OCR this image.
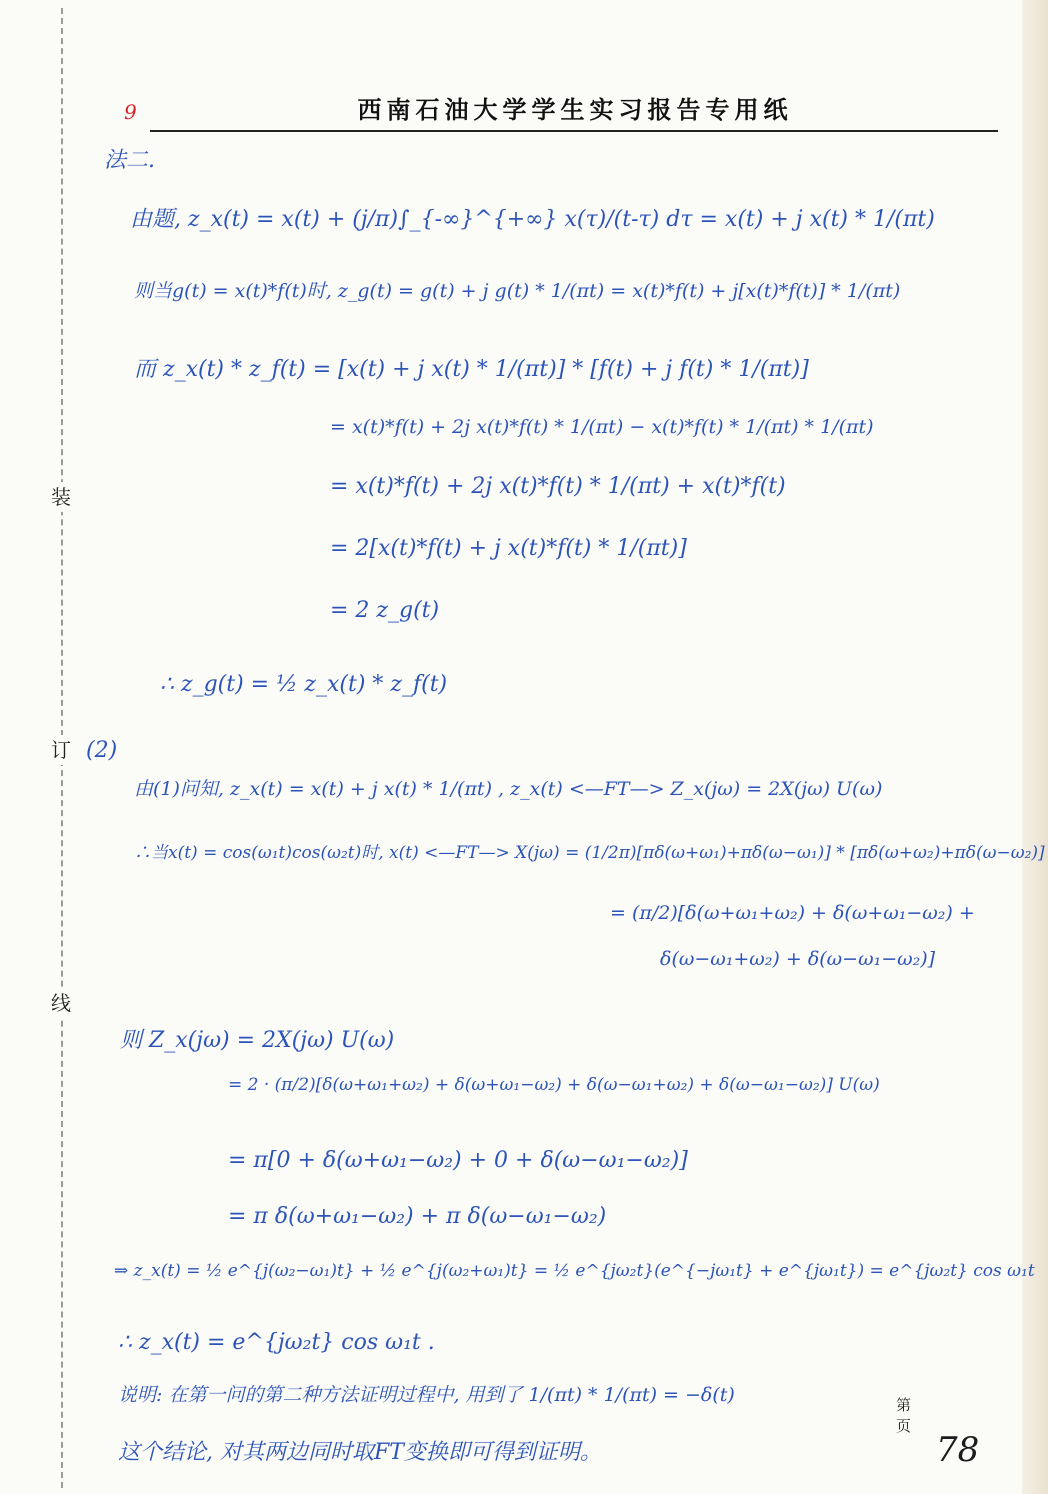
装
订
线
9	西南石油大学学生实习报告专用纸
法二.
由题, z_x(t) = x(t) + (j/π)∫_{-∞}^{+∞} x(τ)/(t-τ) dτ = x(t) + j x(t) * 1/(πt)
则当g(t) = x(t)*f(t)时, z_g(t) = g(t) + j g(t) * 1/(πt) = x(t)*f(t) + j[x(t)*f(t)] * 1/(πt)
而 z_x(t) * z_f(t) = [x(t) + j x(t) * 1/(πt)] * [f(t) + j f(t) * 1/(πt)]
= x(t)*f(t) + 2j x(t)*f(t) * 1/(πt) − x(t)*f(t) * 1/(πt) * 1/(πt)
= x(t)*f(t) + 2j x(t)*f(t) * 1/(πt) + x(t)*f(t)
= 2[x(t)*f(t) + j x(t)*f(t) * 1/(πt)]
= 2 z_g(t)
∴ z_g(t) = ½ z_x(t) * z_f(t)
(2)
由(1)问知, z_x(t) = x(t) + j x(t) * 1/(πt) , z_x(t) <—FT—> Z_x(jω) = 2X(jω) U(ω)
∴当x(t) = cos(ω₁t)cos(ω₂t)时, x(t) <—FT—> X(jω) = (1/2π)[πδ(ω+ω₁)+πδ(ω−ω₁)] * [πδ(ω+ω₂)+πδ(ω−ω₂)]
= (π/2)[δ(ω+ω₁+ω₂) + δ(ω+ω₁−ω₂) +
δ(ω−ω₁+ω₂) + δ(ω−ω₁−ω₂)]
则 Z_x(jω) = 2X(jω) U(ω)
= 2 · (π/2)[δ(ω+ω₁+ω₂) + δ(ω+ω₁−ω₂) + δ(ω−ω₁+ω₂) + δ(ω−ω₁−ω₂)] U(ω)
= π[0 + δ(ω+ω₁−ω₂) + 0 + δ(ω−ω₁−ω₂)]
= π δ(ω+ω₁−ω₂) + π δ(ω−ω₁−ω₂)
⇒ z_x(t) = ½ e^{j(ω₂−ω₁)t} + ½ e^{j(ω₂+ω₁)t} = ½ e^{jω₂t}(e^{−jω₁t} + e^{jω₁t}) = e^{jω₂t} cos ω₁t
∴ z_x(t) = e^{jω₂t} cos ω₁t .
说明: 在第一问的第二种方法证明过程中, 用到了 1/(πt) * 1/(πt) = −δ(t)
这个结论, 对其两边同时取FT变换即可得到证明。
第 页
78
